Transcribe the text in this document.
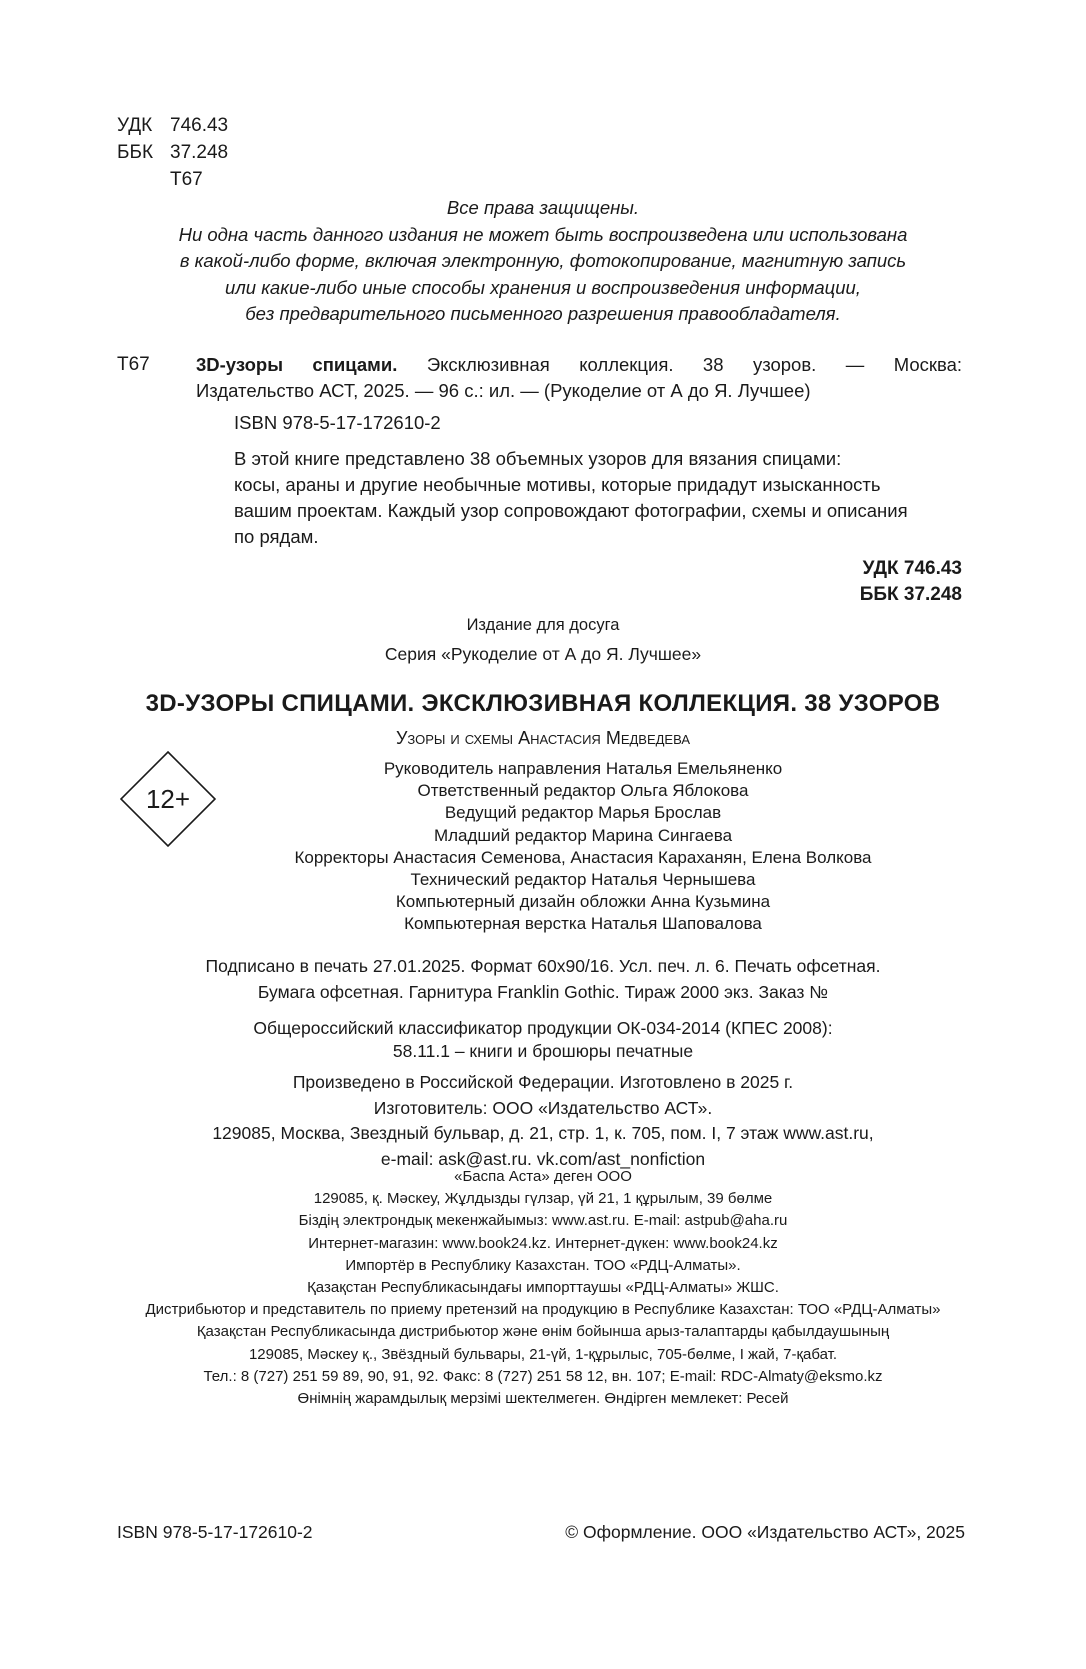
УДК 746.43
ББК 37.248
Т67
Все права защищены.
Ни одна часть данного издания не может быть воспроизведена или использована
в какой-либо форме, включая электронную, фотокопирование, магнитную запись
или какие-либо иные способы хранения и воспроизведения информации,
без предварительного письменного разрешения правообладателя.
Т67	3D-узоры спицами. Эксклюзивная коллекция. 38 узоров. — Москва:
Издательство АСТ, 2025. — 96 с.: ил. — (Рукоделие от А до Я. Лучшее)
ISBN 978-5-17-172610-2
В этой книге представлено 38 объемных узоров для вязания спицами:
косы, араны и другие необычные мотивы, которые придадут изысканность
вашим проектам. Каждый узор сопровождают фотографии, схемы и описания
по рядам.
УДК 746.43
ББК 37.248
Издание для досуга
Серия «Рукоделие от А до Я. Лучшее»
3D-УЗОРЫ СПИЦАМИ. ЭКСКЛЮЗИВНАЯ КОЛЛЕКЦИЯ. 38 УЗОРОВ
Узоры и схемы Анастасия Медведева
12+
Руководитель направления Наталья Емельяненко
Ответственный редактор Ольга Яблокова
Ведущий редактор Марья Брослав
Младший редактор Марина Сингаева
Корректоры Анастасия Семенова, Анастасия Караханян, Елена Волкова
Технический редактор Наталья Чернышева
Компьютерный дизайн обложки Анна Кузьмина
Компьютерная верстка Наталья Шаповалова
Подписано в печать 27.01.2025. Формат 60x90/16. Усл. печ. л. 6. Печать офсетная.
Бумага офсетная. Гарнитура Franklin Gothic. Тираж 2000 экз. Заказ №
Общероссийский классификатор продукции ОК-034-2014 (КПЕС 2008):
58.11.1 – книги и брошюры печатные
Произведено в Российской Федерации. Изготовлено в 2025 г.
Изготовитель: ООО «Издательство АСТ».
129085, Москва, Звездный бульвар, д. 21, стр. 1, к. 705, пом. I, 7 этаж www.ast.ru,
e-mail: ask@ast.ru. vk.com/ast_nonfiction
«Баспа Аста» деген ООО
129085, қ. Мәскеу, Жұлдызды гүлзар, үй 21, 1 құрылым, 39 бөлме
Біздің электрондық мекенжайымыз: www.ast.ru. E-mail: astpub@aha.ru
Интернет-магазин: www.book24.kz. Интернет-дүкен: www.book24.kz
Импортёр в Республику Казахстан. ТОО «РДЦ-Алматы».
Қазақстан Республикасындағы импорттаушы «РДЦ-Алматы» ЖШС.
Дистрибьютор и представитель по приему претензий на продукцию в Республике Казахстан: ТОО «РДЦ-Алматы»
Қазақстан Республикасында дистрибьютор және өнім бойынша арыз-талаптарды қабылдаушының
129085, Мәскеу қ., Звёздный бульвары, 21-үй, 1-құрылыс, 705-бөлме, I жай, 7-қабат.
Тел.: 8 (727) 251 59 89, 90, 91, 92. Факс: 8 (727) 251 58 12, вн. 107; E-mail: RDC-Almaty@eksmo.kz
Өнімнің жарамдылық мерзімі шектелмеген. Өндірген мемлекет: Ресей
ISBN 978-5-17-172610-2	© Оформление. ООО «Издательство АСТ», 2025
